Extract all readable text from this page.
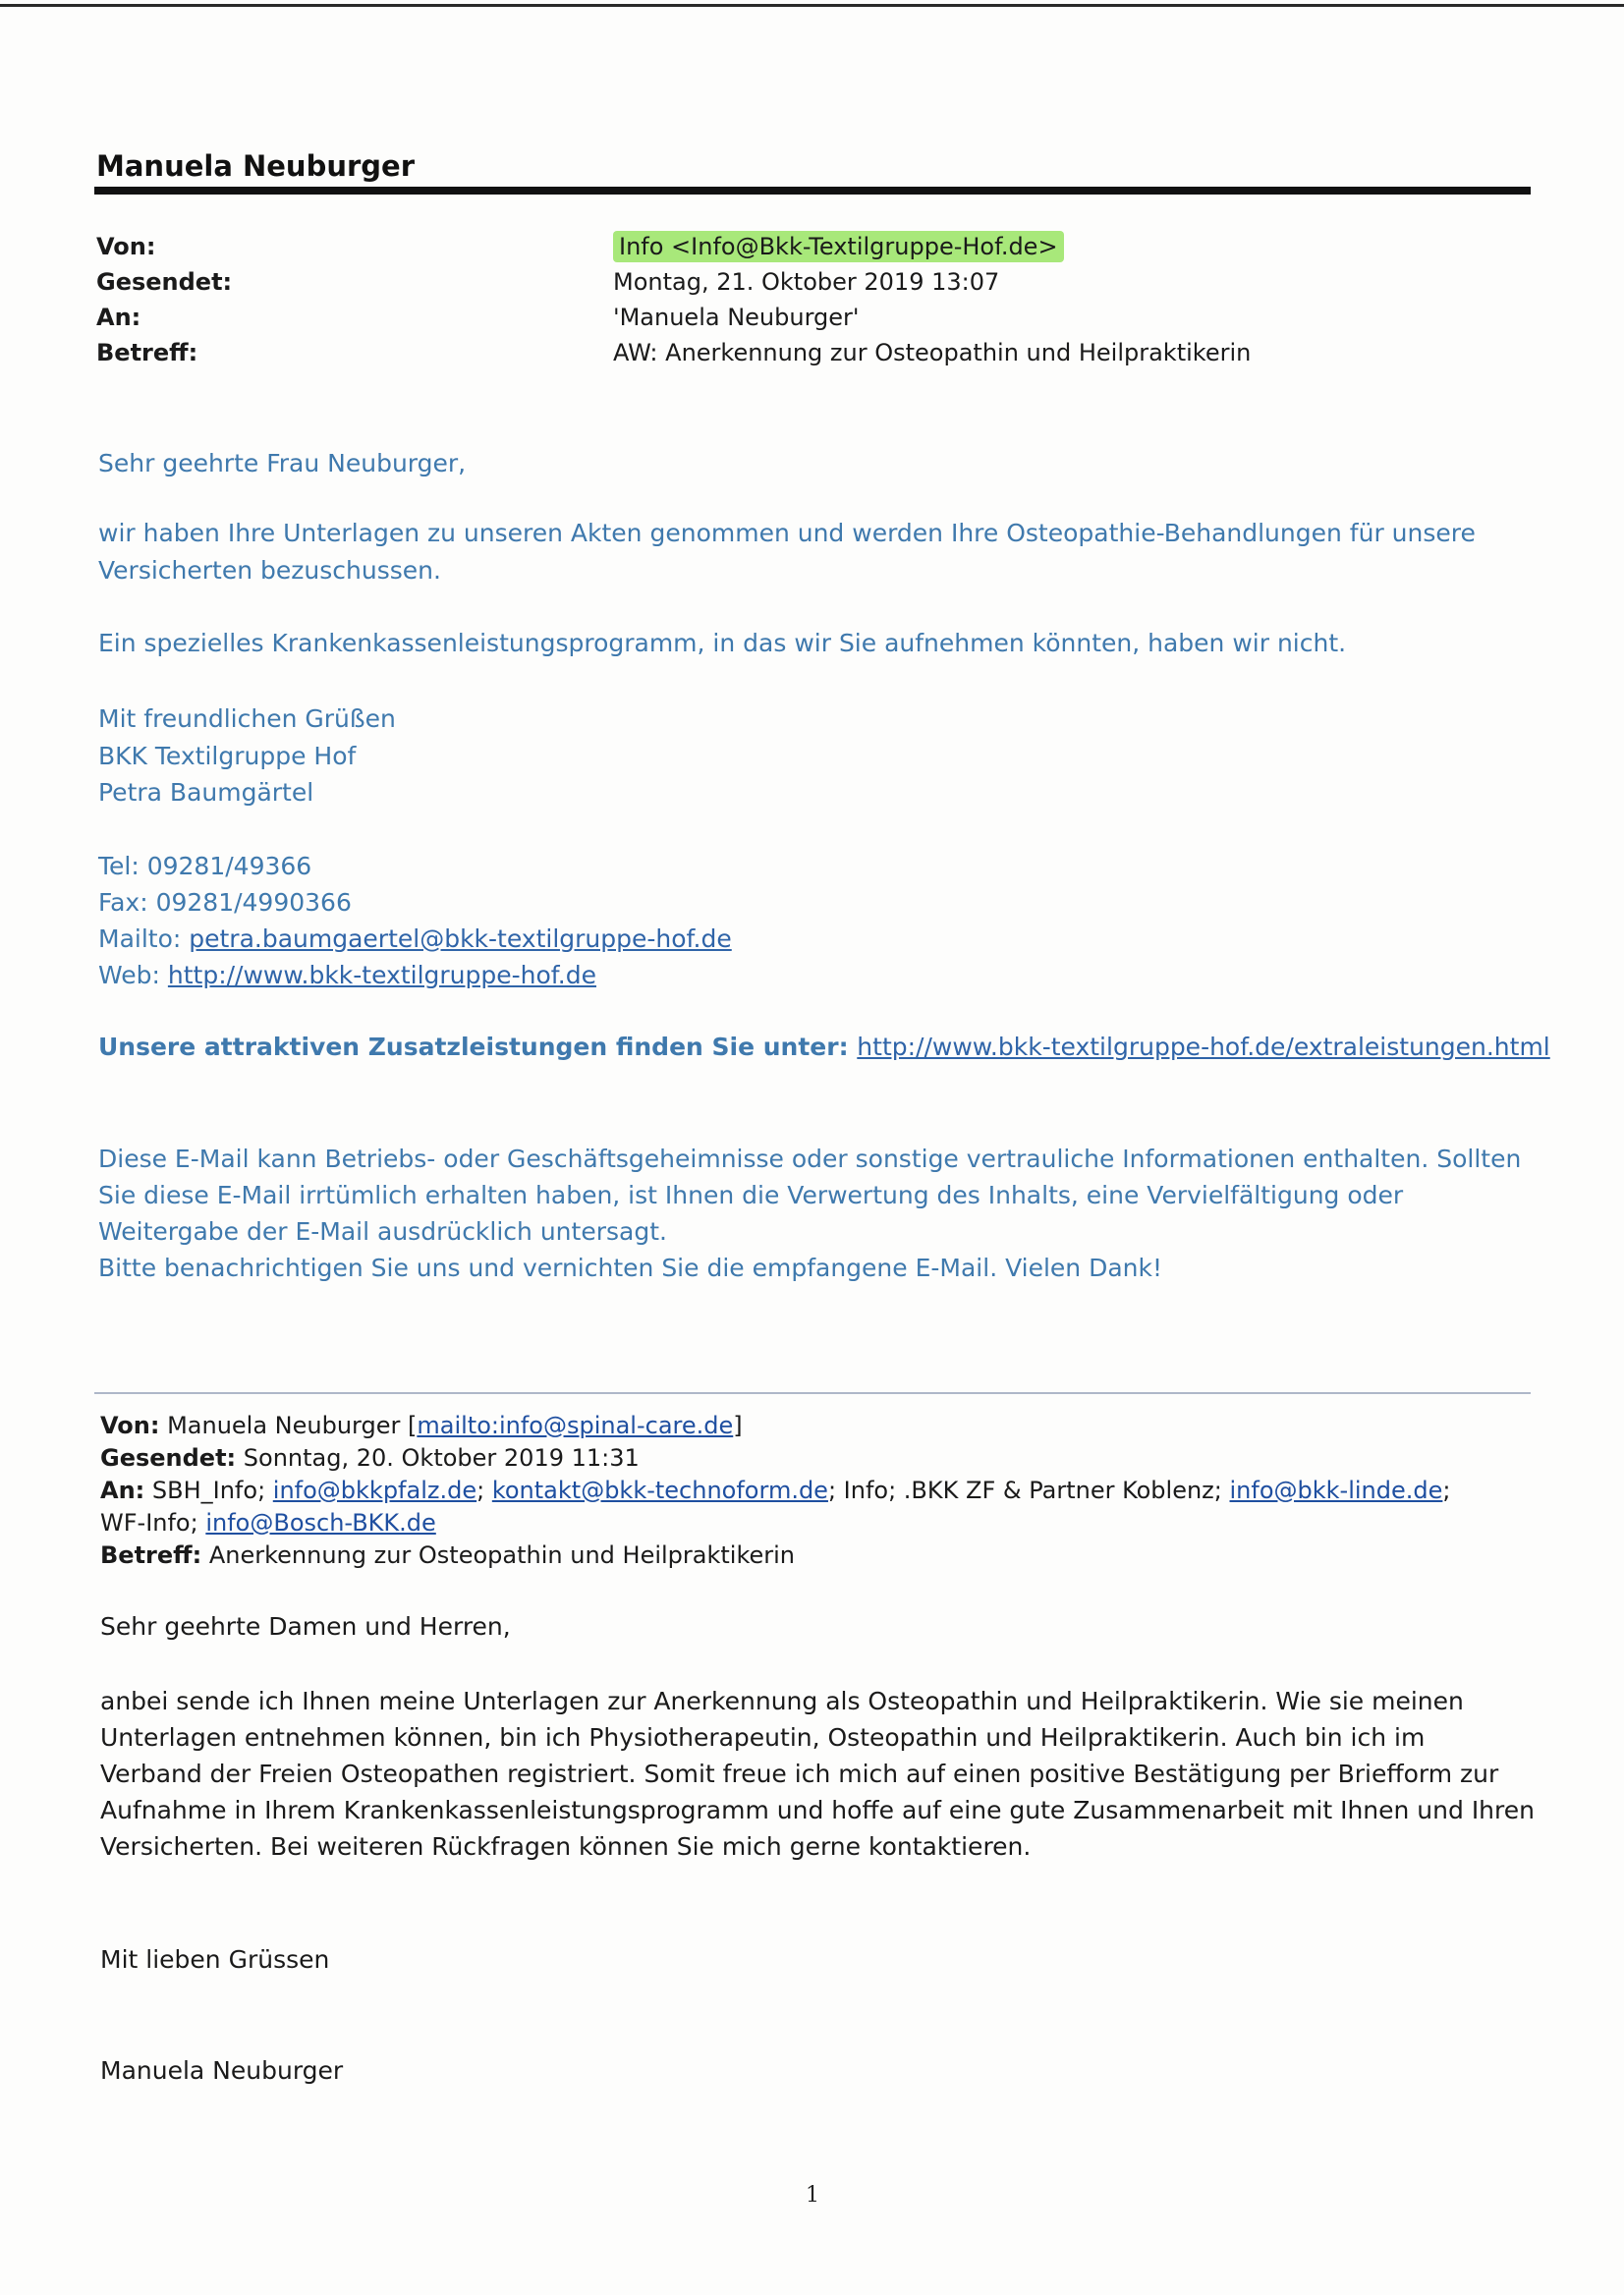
Manuela Neuburger
Von:	Info <Info@Bkk-Textilgruppe-Hof.de>
Gesendet:	Montag, 21. Oktober 2019 13:07
An:	'Manuela Neuburger'
Betreff:	AW: Anerkennung zur Osteopathin und Heilpraktikerin
Sehr geehrte Frau Neuburger,
wir haben Ihre Unterlagen zu unseren Akten genommen und werden Ihre Osteopathie-Behandlungen für unsere
Versicherten bezuschussen.
Ein spezielles Krankenkassenleistungsprogramm, in das wir Sie aufnehmen könnten, haben wir nicht.
Mit freundlichen Grüßen
BKK Textilgruppe Hof
Petra Baumgärtel
Tel: 09281/49366
Fax: 09281/4990366
Mailto: petra.baumgaertel@bkk-textilgruppe-hof.de
Web: http://www.bkk-textilgruppe-hof.de
Unsere attraktiven Zusatzleistungen finden Sie unter: http://www.bkk-textilgruppe-hof.de/extraleistungen.html
Diese E-Mail kann Betriebs- oder Geschäftsgeheimnisse oder sonstige vertrauliche Informationen enthalten. Sollten
Sie diese E-Mail irrtümlich erhalten haben, ist Ihnen die Verwertung des Inhalts, eine Vervielfältigung oder
Weitergabe der E-Mail ausdrücklich untersagt.
Bitte benachrichtigen Sie uns und vernichten Sie die empfangene E-Mail. Vielen Dank!
Von: Manuela Neuburger [mailto:info@spinal-care.de]
Gesendet: Sonntag, 20. Oktober 2019 11:31
An: SBH_Info; info@bkkpfalz.de; kontakt@bkk-technoform.de; Info; .BKK ZF & Partner Koblenz; info@bkk-linde.de;
WF-Info; info@Bosch-BKK.de
Betreff: Anerkennung zur Osteopathin und Heilpraktikerin
Sehr geehrte Damen und Herren,
anbei sende ich Ihnen meine Unterlagen zur Anerkennung als Osteopathin und Heilpraktikerin. Wie sie meinen
Unterlagen entnehmen können, bin ich Physiotherapeutin, Osteopathin und Heilpraktikerin. Auch bin ich im
Verband der Freien Osteopathen registriert. Somit freue ich mich auf einen positive Bestätigung per Briefform zur
Aufnahme in Ihrem Krankenkassenleistungsprogramm und hoffe auf eine gute Zusammenarbeit mit Ihnen und Ihren
Versicherten. Bei weiteren Rückfragen können Sie mich gerne kontaktieren.
Mit lieben Grüssen
Manuela Neuburger
1
